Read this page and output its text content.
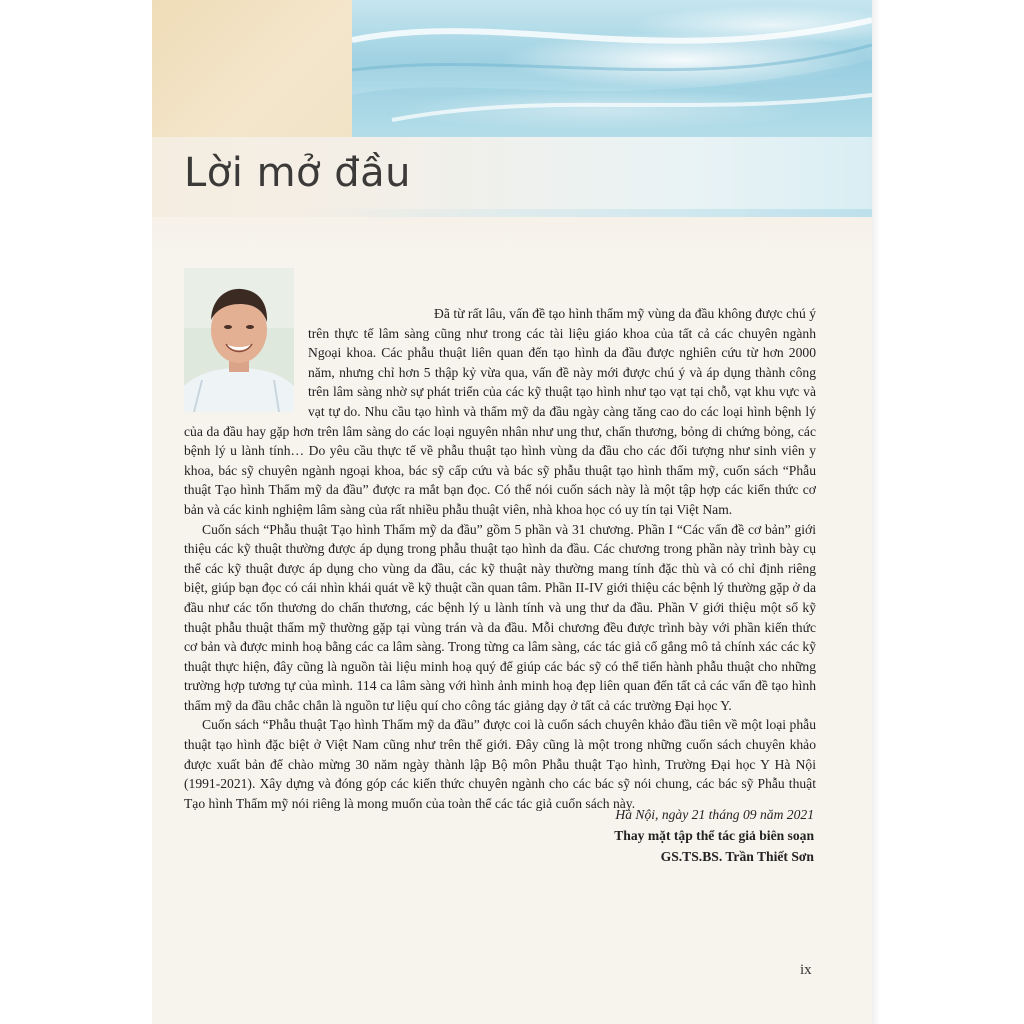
Lời mở đầu

Đã từ rất lâu, vấn đề tạo hình thẩm mỹ vùng da đầu không được chú ý trên thực tế lâm sàng cũng như trong các tài liệu giáo khoa của tất cả các chuyên ngành Ngoại khoa. Các phẫu thuật liên quan đến tạo hình da đầu được nghiên cứu từ hơn 2000 năm, nhưng chỉ hơn 5 thập kỷ vừa qua, vấn đề này mới được chú ý và áp dụng thành công trên lâm sàng nhờ sự phát triển của các kỹ thuật tạo hình như tạo vạt tại chỗ, vạt khu vực và vạt tự do. Nhu cầu tạo hình và thẩm mỹ da đầu ngày càng tăng cao do các loại hình bệnh lý của da đầu hay gặp hơn trên lâm sàng do các loại nguyên nhân như ung thư, chấn thương, bỏng di chứng bỏng, các bệnh lý u lành tính… Do yêu cầu thực tế về phẫu thuật tạo hình vùng da đầu cho các đối tượng như sinh viên y khoa, bác sỹ chuyên ngành ngoại khoa, bác sỹ cấp cứu và bác sỹ phẫu thuật tạo hình thẩm mỹ, cuốn sách “Phẫu thuật Tạo hình Thẩm mỹ da đầu” được ra mắt bạn đọc. Có thể nói cuốn sách này là một tập hợp các kiến thức cơ bản và các kinh nghiệm lâm sàng của rất nhiều phẫu thuật viên, nhà khoa học có uy tín tại Việt Nam.

Cuốn sách “Phẫu thuật Tạo hình Thẩm mỹ da đầu” gồm 5 phần và 31 chương. Phần I “Các vấn đề cơ bản” giới thiệu các kỹ thuật thường được áp dụng trong phẫu thuật tạo hình da đầu. Các chương trong phần này trình bày cụ thể các kỹ thuật được áp dụng cho vùng da đầu, các kỹ thuật này thường mang tính đặc thù và có chỉ định riêng biệt, giúp bạn đọc có cái nhìn khái quát về kỹ thuật cần quan tâm. Phần II-IV giới thiệu các bệnh lý thường gặp ở da đầu như các tổn thương do chấn thương, các bệnh lý u lành tính và ung thư da đầu. Phần V giới thiệu một số kỹ thuật phẫu thuật thẩm mỹ thường gặp tại vùng trán và da đầu. Mỗi chương đều được trình bày với phần kiến thức cơ bản và được minh hoạ bằng các ca lâm sàng. Trong từng ca lâm sàng, các tác giả cố gắng mô tả chính xác các kỹ thuật thực hiện, đây cũng là nguồn tài liệu minh hoạ quý để giúp các bác sỹ có thể tiến hành phẫu thuật cho những trường hợp tương tự của mình. 114 ca lâm sàng với hình ảnh minh hoạ đẹp liên quan đến tất cả các vấn đề tạo hình thẩm mỹ da đầu chắc chắn là nguồn tư liệu quí cho công tác giảng dạy ở tất cả các trường Đại học Y.

Cuốn sách “Phẫu thuật Tạo hình Thẩm mỹ da đầu” được coi là cuốn sách chuyên khảo đầu tiên về một loại phẫu thuật tạo hình đặc biệt ở Việt Nam cũng như trên thế giới. Đây cũng là một trong những cuốn sách chuyên khảo được xuất bản để chào mừng 30 năm ngày thành lập Bộ môn Phẫu thuật Tạo hình, Trường Đại học Y Hà Nội (1991-2021). Xây dựng và đóng góp các kiến thức chuyên ngành cho các bác sỹ nói chung, các bác sỹ Phẫu thuật Tạo hình Thẩm mỹ nói riêng là mong muốn của toàn thể các tác giả cuốn sách này.

Hà Nội, ngày 21 tháng 09 năm 2021
Thay mặt tập thể tác giả biên soạn
GS.TS.BS. Trần Thiết Sơn
ix
